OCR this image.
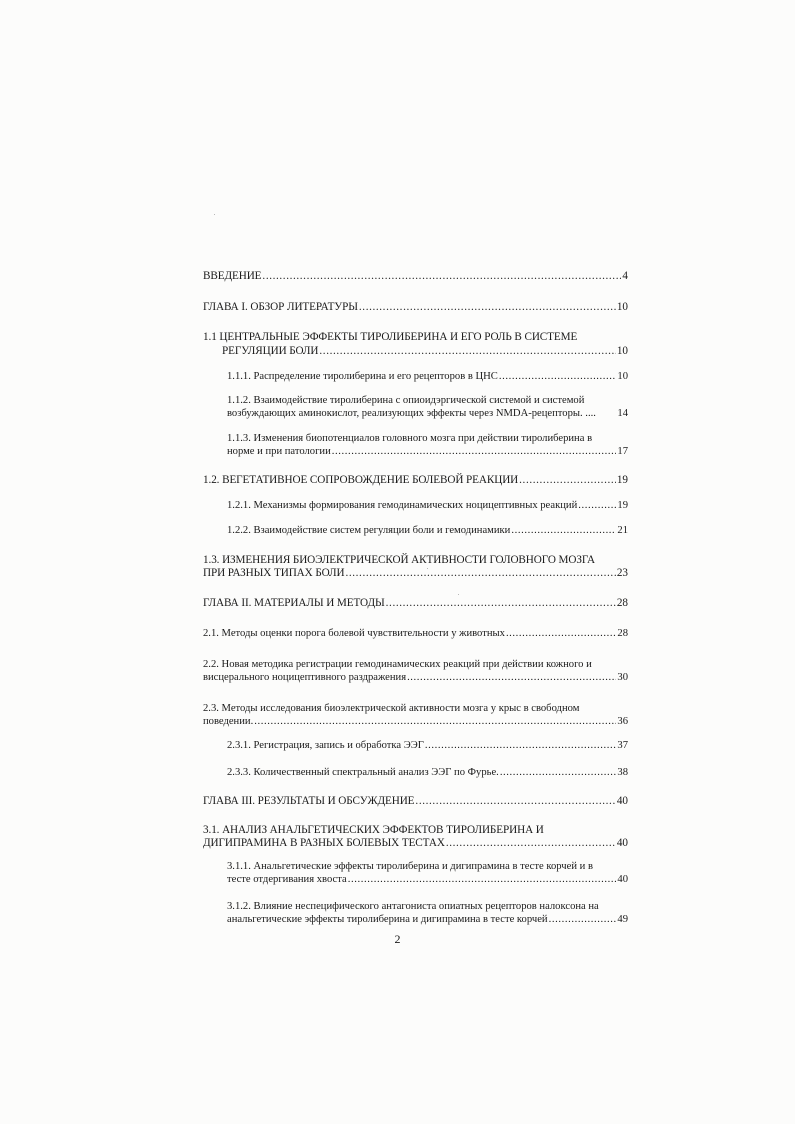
ВВЕДЕНИЕ .....	4
ГЛАВА I. ОБЗОР ЛИТЕРАТУРЫ .....	10
1.1 ЦЕНТРАЛЬНЫЕ ЭФФЕКТЫ ТИРОЛИБЕРИНА И ЕГО РОЛЬ В СИСТЕМЕ
РЕГУЛЯЦИИ БОЛИ .....	10
1.1.1. Распределение тиролиберина и его рецепторов в ЦНС .....	10
1.1.2. Взаимодействие тиролиберина с опиоидэргической системой и системой
возбуждающих аминокислот, реализующих эффекты через NMDA-рецепторы. .... 14
1.1.3. Изменения биопотенциалов головного мозга при действии тиролиберина в
норме и при патологии .....	17
1.2. ВЕГЕТАТИВНОЕ СОПРОВОЖДЕНИЕ БОЛЕВОЙ РЕАКЦИИ .....	19
1.2.1. Механизмы формирования гемодинамических ноцицептивных реакций .....	19
1.2.2. Взаимодействие систем регуляции боли и гемодинамики .....	21
1.3. ИЗМЕНЕНИЯ БИОЭЛЕКТРИЧЕСКОЙ АКТИВНОСТИ ГОЛОВНОГО МОЗГА
ПРИ РАЗНЫХ ТИПАХ БОЛИ .....	23
ГЛАВА II. МАТЕРИАЛЫ И МЕТОДЫ .....	28
2.1. Методы оценки порога болевой чувствительности у животных .....	28
2.2. Новая методика регистрации гемодинамических реакций при действии кожного и
висцерального ноцицептивного раздражения .....	30
2.3. Методы исследования биоэлектрической активности мозга у крыс в свободном
поведении. .....	36
2.3.1. Регистрация, запись и обработка ЭЭГ .....	37
2.3.3. Количественный спектральный анализ ЭЭГ по Фурье. .....	38
ГЛАВА III. РЕЗУЛЬТАТЫ И ОБСУЖДЕНИЕ .....	40
3.1. АНАЛИЗ АНАЛЬГЕТИЧЕСКИХ ЭФФЕКТОВ ТИРОЛИБЕРИНА И
ДИГИПРАМИНА В РАЗНЫХ БОЛЕВЫХ ТЕСТАХ .....	40
3.1.1. Анальгетические эффекты тиролиберина и дигипрамина в тесте корчей и в
тесте отдергивания хвоста .....	40
3.1.2. Влияние неспецифического антагониста опиатных рецепторов налоксона на
анальгетические эффекты тиролиберина и дигипрамина в тесте корчей .....	49
2
